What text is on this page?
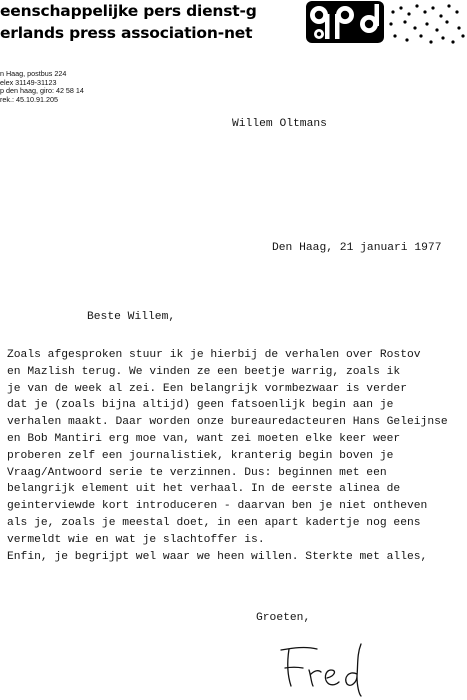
eenschappelijke pers dienst-g
erlands press association-net
n Haag, postbus 224
elex 31149-31123
p den haag, giro: 42 58 14
rek.: 45.10.91.205
Willem Oltmans
Den Haag, 21 januari 1977
Beste Willem,
Zoals afgesproken stuur ik je hierbij de verhalen over Rostov
en Mazlish terug. We vinden ze een beetje warrig, zoals ik
je van de week al zei. Een belangrijk vormbezwaar is verder
dat je (zoals bijna altijd) geen fatsoenlijk begin aan je
verhalen maakt. Daar worden onze bureauredacteuren Hans Geleijnse
en Bob Mantiri erg moe van, want zei moeten elke keer weer
proberen zelf een journalistiek, kranterig begin boven je
Vraag/Antwoord serie te verzinnen. Dus: beginnen met een
belangrijk element uit het verhaal. In de eerste alinea de
geinterviewde kort introduceren - daarvan ben je niet ontheven
als je, zoals je meestal doet, in een apart kadertje nog eens
vermeldt wie en wat je slachtoffer is.
Enfin, je begrijpt wel waar we heen willen. Sterkte met alles,
Groeten,
